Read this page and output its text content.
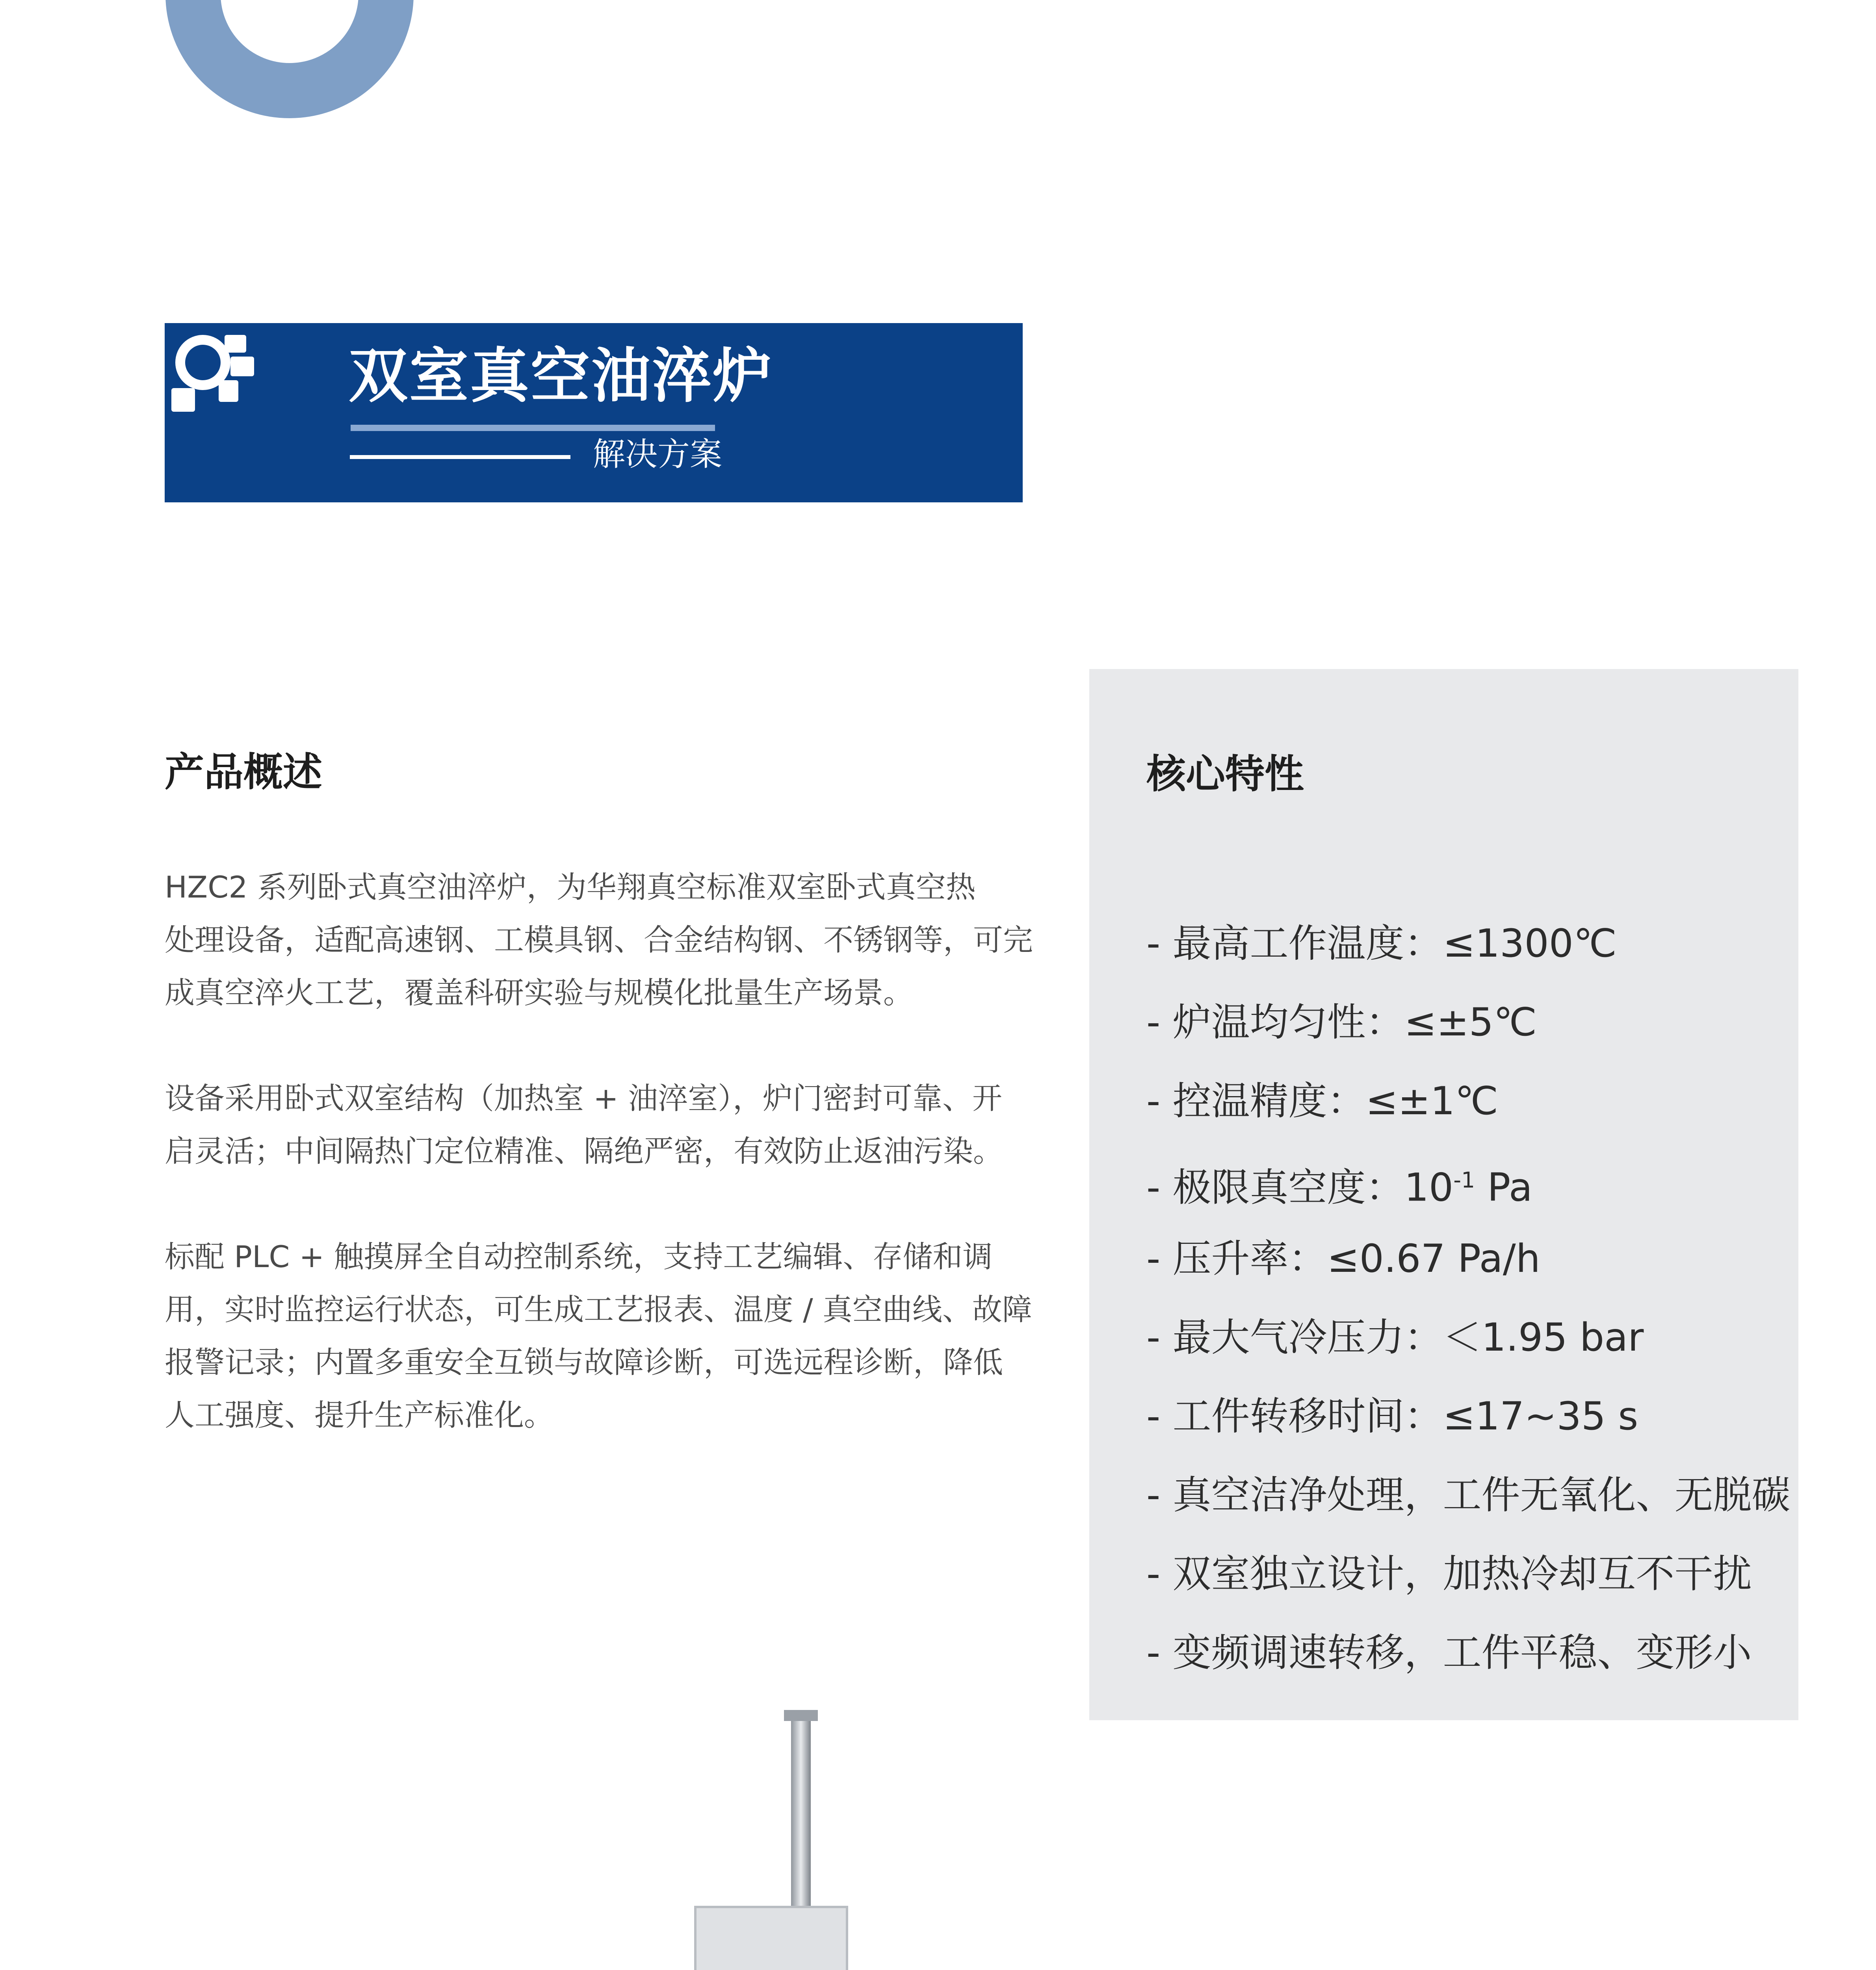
双室真空油淬炉
解决方案
产品概述

HZC2 系列卧式真空油淬炉，为华翔真空标准双室卧式真空热
处理设备，适配高速钢、工模具钢、合金结构钢、不锈钢等，可完
成真空淬火工艺，覆盖科研实验与规模化批量生产场景。

设备采用卧式双室结构（加热室 + 油淬室），炉门密封可靠、开
启灵活；中间隔热门定位精准、隔绝严密，有效防止返油污染。

标配 PLC + 触摸屏全自动控制系统，支持工艺编辑、存储和调
用，实时监控运行状态，可生成工艺报表、温度 / 真空曲线、故障
报警记录；内置多重安全互锁与故障诊断，可选远程诊断，降低
人工强度、提升生产标准化。

核心特性
- 最高工作温度：≤1300℃
- 炉温均匀性：≤±5℃
- 控温精度：≤±1℃
- 极限真空度：$10^{-1}$ Pa
- 压升率：≤0.67 Pa/h
- 最大气冷压力：＜1.95 bar
- 工件转移时间：≤17~35 s
- 真空洁净处理，工件无氧化、无脱碳
- 双室独立设计，加热冷却互不干扰
- 变频调速转移，工件平稳、变形小
